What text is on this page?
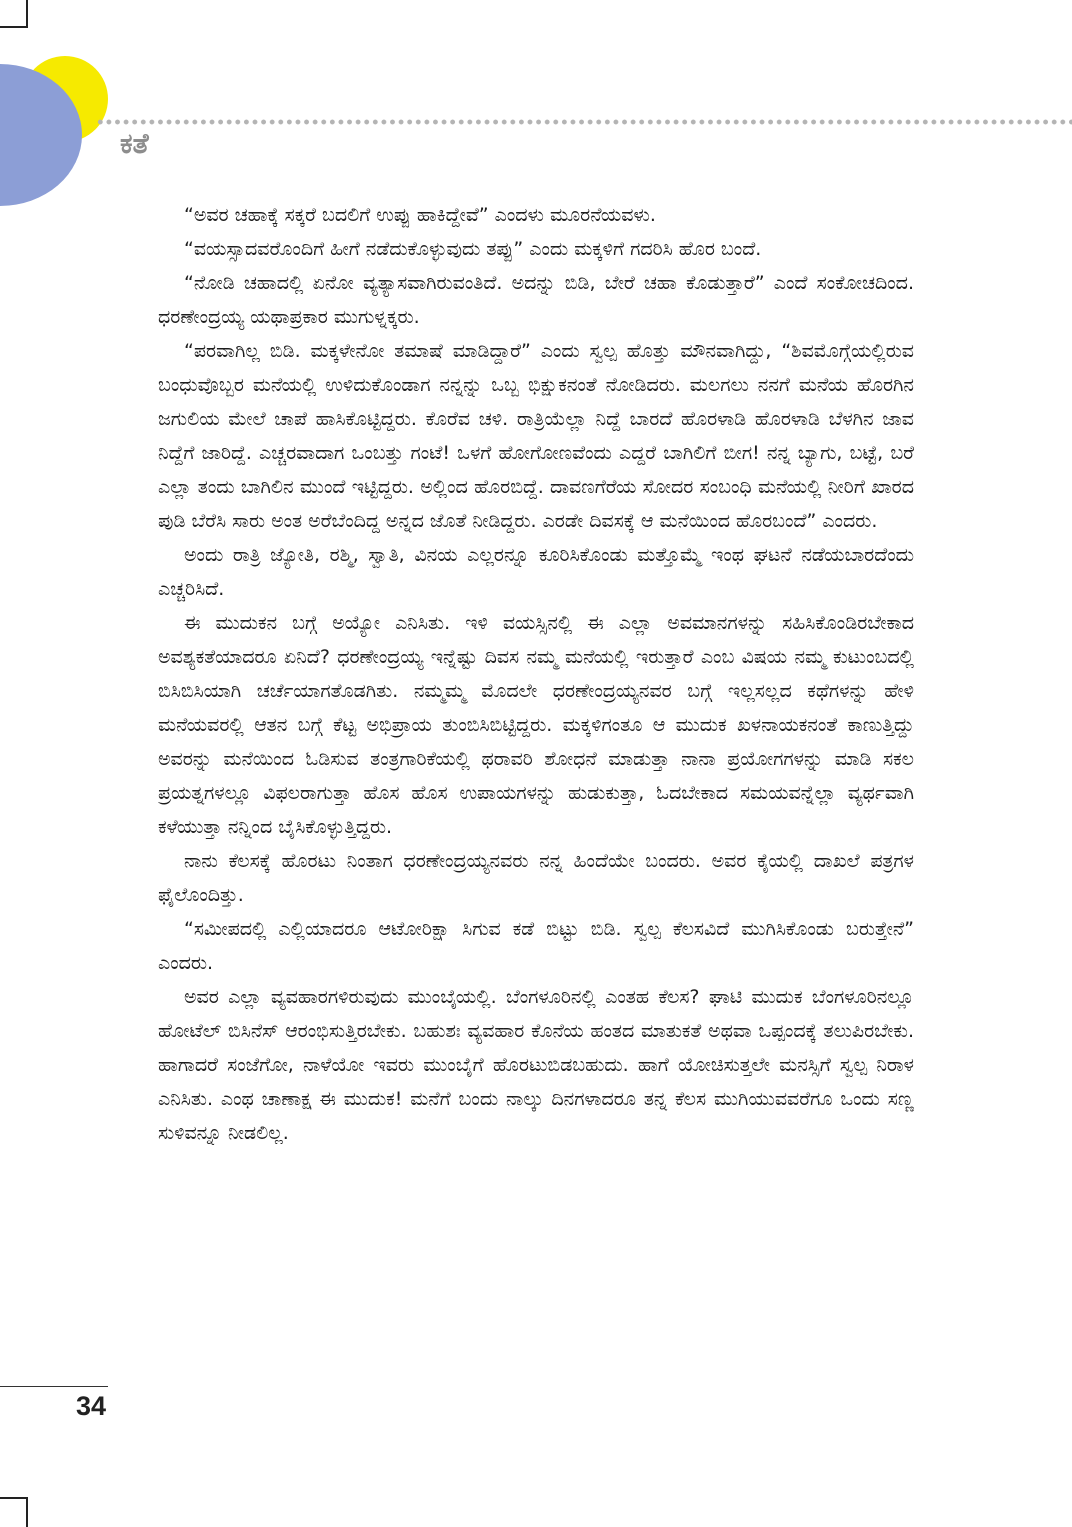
ಕತೆ

“ಅವರ ಚಹಾಕ್ಕೆ ಸಕ್ಕರೆ ಬದಲಿಗೆ ಉಪ್ಪು ಹಾಕಿದ್ದೇವೆ” ಎಂದಳು ಮೂರನೆಯವಳು.

“ವಯಸ್ಸಾದವರೊಂದಿಗೆ ಹೀಗೆ ನಡೆದುಕೊಳ್ಳುವುದು ತಪ್ಪು” ಎಂದು ಮಕ್ಕಳಿಗೆ ಗದರಿಸಿ ಹೊರ ಬಂದೆ.

“ನೋಡಿ ಚಹಾದಲ್ಲಿ ಏನೋ ವ್ಯತ್ಯಾಸವಾಗಿರುವಂತಿದೆ. ಅದನ್ನು ಬಿಡಿ, ಬೇರೆ ಚಹಾ ಕೊಡುತ್ತಾರೆ” ಎಂದೆ ಸಂಕೋಚದಿಂದ. ಧರಣೇಂದ್ರಯ್ಯ ಯಥಾಪ್ರಕಾರ ಮುಗುಳ್ನಕ್ಕರು.

“ಪರವಾಗಿಲ್ಲ ಬಿಡಿ. ಮಕ್ಕಳೇನೋ ತಮಾಷೆ ಮಾಡಿದ್ದಾರೆ” ಎಂದು ಸ್ವಲ್ಪ ಹೊತ್ತು ಮೌನವಾಗಿದ್ದು, “ಶಿವಮೊಗ್ಗೆಯಲ್ಲಿರುವ ಬಂಧುವೊಬ್ಬರ ಮನೆಯಲ್ಲಿ ಉಳಿದುಕೊಂಡಾಗ ನನ್ನನ್ನು ಒಬ್ಬ ಭಿಕ್ಷುಕನಂತೆ ನೋಡಿದರು. ಮಲಗಲು ನನಗೆ ಮನೆಯ ಹೊರಗಿನ ಜಗುಲಿಯ ಮೇಲೆ ಚಾಪೆ ಹಾಸಿಕೊಟ್ಟಿದ್ದರು. ಕೊರೆವ ಚಳಿ. ರಾತ್ರಿಯೆಲ್ಲಾ ನಿದ್ದೆ ಬಾರದೆ ಹೊರಳಾಡಿ ಹೊರಳಾಡಿ ಬೆಳಗಿನ ಜಾವ ನಿದ್ದೆಗೆ ಜಾರಿದ್ದೆ. ಎಚ್ಚರವಾದಾಗ ಒಂಬತ್ತು ಗಂಟೆ! ಒಳಗೆ ಹೋಗೋಣವೆಂದು ಎದ್ದರೆ ಬಾಗಿಲಿಗೆ ಬೀಗ! ನನ್ನ ಬ್ಯಾಗು, ಬಟ್ಟೆ, ಬರೆ ಎಲ್ಲಾ ತಂದು ಬಾಗಿಲಿನ ಮುಂದೆ ಇಟ್ಟಿದ್ದರು. ಅಲ್ಲಿಂದ ಹೊರಬಿದ್ದೆ. ದಾವಣಗೆರೆಯ ಸೋದರ ಸಂಬಂಧಿ ಮನೆಯಲ್ಲಿ ನೀರಿಗೆ ಖಾರದ ಪುಡಿ ಬೆರೆಸಿ ಸಾರು ಅಂತ ಅರೆಬೆಂದಿದ್ದ ಅನ್ನದ ಜೊತೆ ನೀಡಿದ್ದರು. ಎರಡೇ ದಿವಸಕ್ಕೆ ಆ ಮನೆಯಿಂದ ಹೊರಬಂದೆ” ಎಂದರು.

ಅಂದು ರಾತ್ರಿ ಜ್ಯೋತಿ, ರಶ್ಮಿ, ಸ್ವಾತಿ, ವಿನಯ ಎಲ್ಲರನ್ನೂ ಕೂರಿಸಿಕೊಂಡು ಮತ್ತೊಮ್ಮೆ ಇಂಥ ಘಟನೆ ನಡೆಯಬಾರದೆಂದು ಎಚ್ಚರಿಸಿದೆ.

ಈ ಮುದುಕನ ಬಗ್ಗೆ ಅಯ್ಯೋ ಎನಿಸಿತು. ಇಳಿ ವಯಸ್ಸಿನಲ್ಲಿ ಈ ಎಲ್ಲಾ ಅವಮಾನಗಳನ್ನು ಸಹಿಸಿಕೊಂಡಿರಬೇಕಾದ ಅವಶ್ಯಕತೆಯಾದರೂ ಏನಿದೆ? ಧರಣೇಂದ್ರಯ್ಯ ಇನ್ನೆಷ್ಟು ದಿವಸ ನಮ್ಮ ಮನೆಯಲ್ಲಿ ಇರುತ್ತಾರೆ ಎಂಬ ವಿಷಯ ನಮ್ಮ ಕುಟುಂಬದಲ್ಲಿ ಬಿಸಿಬಿಸಿಯಾಗಿ ಚರ್ಚೆಯಾಗತೊಡಗಿತು. ನಮ್ಮಮ್ಮ ಮೊದಲೇ ಧರಣೇಂದ್ರಯ್ಯನವರ ಬಗ್ಗೆ ಇಲ್ಲಸಲ್ಲದ ಕಥೆಗಳನ್ನು ಹೇಳಿ ಮನೆಯವರಲ್ಲಿ ಆತನ ಬಗ್ಗೆ ಕೆಟ್ಟ ಅಭಿಪ್ರಾಯ ತುಂಬಿಸಿಬಿಟ್ಟಿದ್ದರು. ಮಕ್ಕಳಿಗಂತೂ ಆ ಮುದುಕ ಖಳನಾಯಕನಂತೆ ಕಾಣುತ್ತಿದ್ದು ಅವರನ್ನು ಮನೆಯಿಂದ ಓಡಿಸುವ ತಂತ್ರಗಾರಿಕೆಯಲ್ಲಿ ಥರಾವರಿ ಶೋಧನೆ ಮಾಡುತ್ತಾ ನಾನಾ ಪ್ರಯೋಗಗಳನ್ನು ಮಾಡಿ ಸಕಲ ಪ್ರಯತ್ನಗಳಲ್ಲೂ ವಿಫಲರಾಗುತ್ತಾ ಹೊಸ ಹೊಸ ಉಪಾಯಗಳನ್ನು ಹುಡುಕುತ್ತಾ, ಓದಬೇಕಾದ ಸಮಯವನ್ನೆಲ್ಲಾ ವ್ಯರ್ಥವಾಗಿ ಕಳೆಯುತ್ತಾ ನನ್ನಿಂದ ಬೈಸಿಕೊಳ್ಳುತ್ತಿದ್ದರು.

ನಾನು ಕೆಲಸಕ್ಕೆ ಹೊರಟು ನಿಂತಾಗ ಧರಣೇಂದ್ರಯ್ಯನವರು ನನ್ನ ಹಿಂದೆಯೇ ಬಂದರು. ಅವರ ಕೈಯಲ್ಲಿ ದಾಖಲೆ ಪತ್ರಗಳ ಫೈಲೊಂದಿತ್ತು.

“ಸಮೀಪದಲ್ಲಿ ಎಲ್ಲಿಯಾದರೂ ಆಟೋರಿಕ್ಷಾ ಸಿಗುವ ಕಡೆ ಬಿಟ್ಟು ಬಿಡಿ. ಸ್ವಲ್ಪ ಕೆಲಸವಿದೆ ಮುಗಿಸಿಕೊಂಡು ಬರುತ್ತೇನೆ” ಎಂದರು.

ಅವರ ಎಲ್ಲಾ ವ್ಯವಹಾರಗಳಿರುವುದು ಮುಂಬೈಯಲ್ಲಿ. ಬೆಂಗಳೂರಿನಲ್ಲಿ ಎಂತಹ ಕೆಲಸ? ಘಾಟಿ ಮುದುಕ ಬೆಂಗಳೂರಿನಲ್ಲೂ ಹೋಟೆಲ್ ಬಿಸಿನೆಸ್ ಆರಂಭಿಸುತ್ತಿರಬೇಕು. ಬಹುಶಃ ವ್ಯವಹಾರ ಕೊನೆಯ ಹಂತದ ಮಾತುಕತೆ ಅಥವಾ ಒಪ್ಪಂದಕ್ಕೆ ತಲುಪಿರಬೇಕು. ಹಾಗಾದರೆ ಸಂಜೆಗೋ, ನಾಳೆಯೋ ಇವರು ಮುಂಬೈಗೆ ಹೊರಟುಬಿಡಬಹುದು. ಹಾಗೆ ಯೋಚಿಸುತ್ತಲೇ ಮನಸ್ಸಿಗೆ ಸ್ವಲ್ಪ ನಿರಾಳ ಎನಿಸಿತು. ಎಂಥ ಚಾಣಾಕ್ಷ ಈ ಮುದುಕ! ಮನೆಗೆ ಬಂದು ನಾಲ್ಕು ದಿನಗಳಾದರೂ ತನ್ನ ಕೆಲಸ ಮುಗಿಯುವವರೆಗೂ ಒಂದು ಸಣ್ಣ ಸುಳಿವನ್ನೂ ನೀಡಲಿಲ್ಲ.

34
